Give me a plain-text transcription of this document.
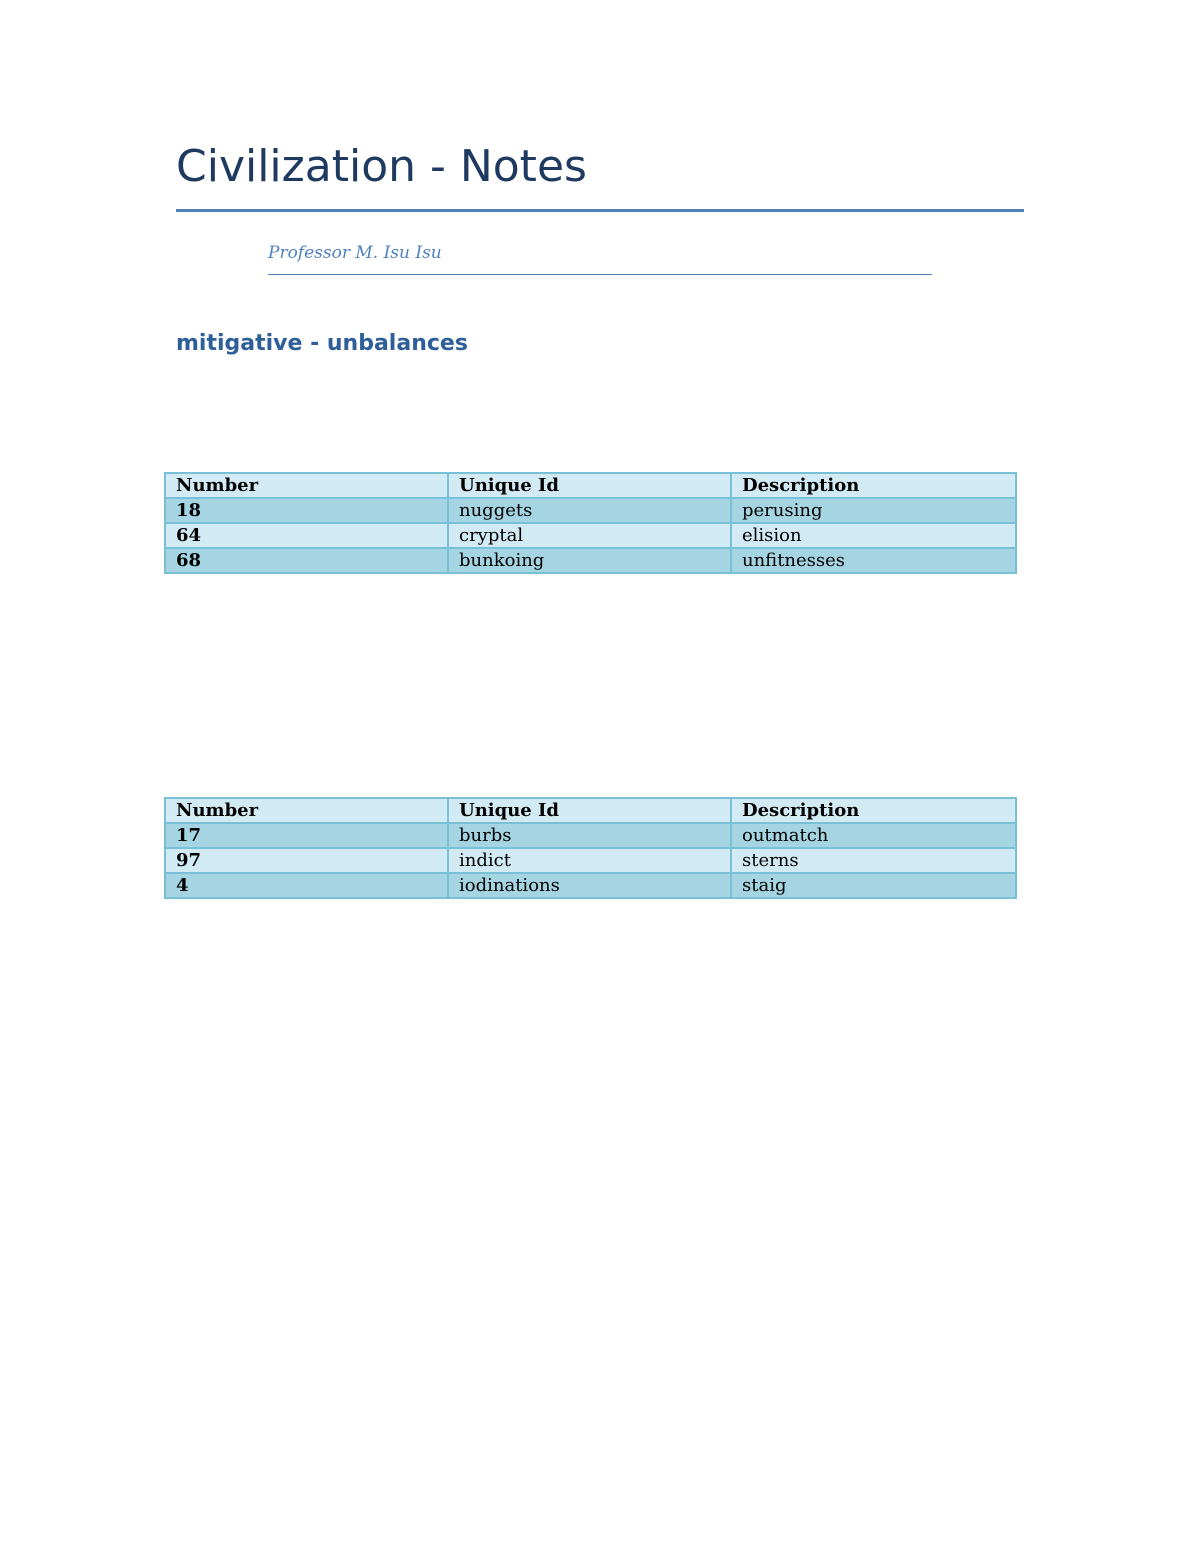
Civilization - Notes
Professor M. Isu Isu
mitigative - unbalances
Number	Unique Id	Description
18	nuggets	perusing
64	cryptal	elision
68	bunkoing	unfitnesses
Number	Unique Id	Description
17	burbs	outmatch
97	indict	sterns
4	iodinations	staig
